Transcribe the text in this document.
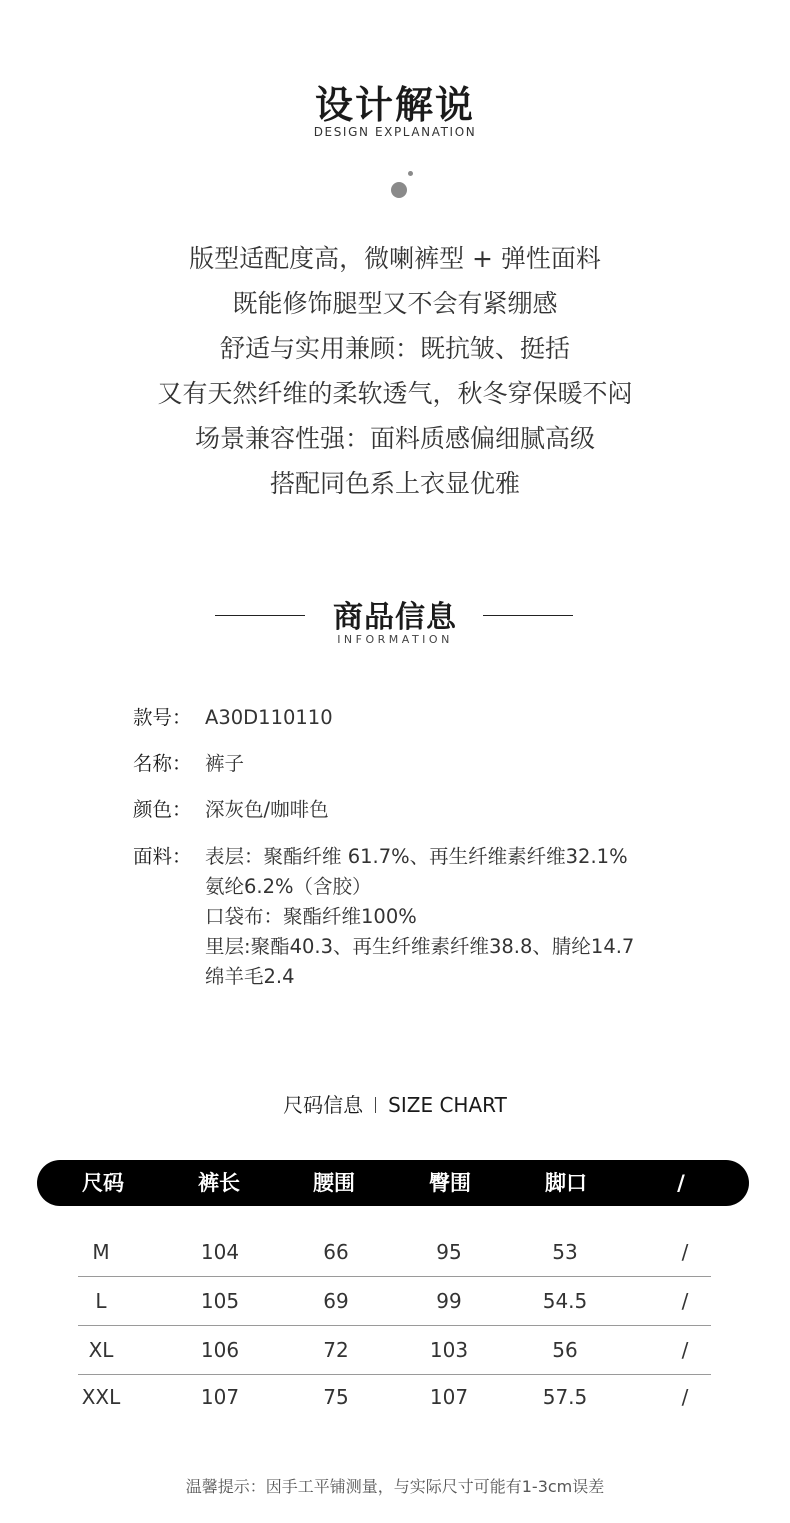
设计解说
DESIGN EXPLANATION
版型适配度高，微喇裤型 + 弹性面料
既能修饰腿型又不会有紧绷感
舒适与实用兼顾：既抗皱、挺括
又有天然纤维的柔软透气，秋冬穿保暖不闷
场景兼容性强：面料质感偏细腻高级
搭配同色系上衣显优雅
商品信息
INFORMATION
款号： A30D110110
名称： 裤子
颜色： 深灰色/咖啡色
面料： 表层：聚酯纤维 61.7%、再生纤维素纤维32.1%
氨纶6.2%（含胶）
口袋布：聚酯纤维100%
里层:聚酯40.3、再生纤维素纤维38.8、腈纶14.7
绵羊毛2.4
尺码信息 SIZE CHART
尺码	裤长	腰围	臀围	脚口	/
M	104	66	95	53	/
L	105	69	99	54.5	/
XL	106	72	103	56	/
XXL	107	75	107	57.5	/
温馨提示：因手工平铺测量，与实际尺寸可能有1-3cm误差
